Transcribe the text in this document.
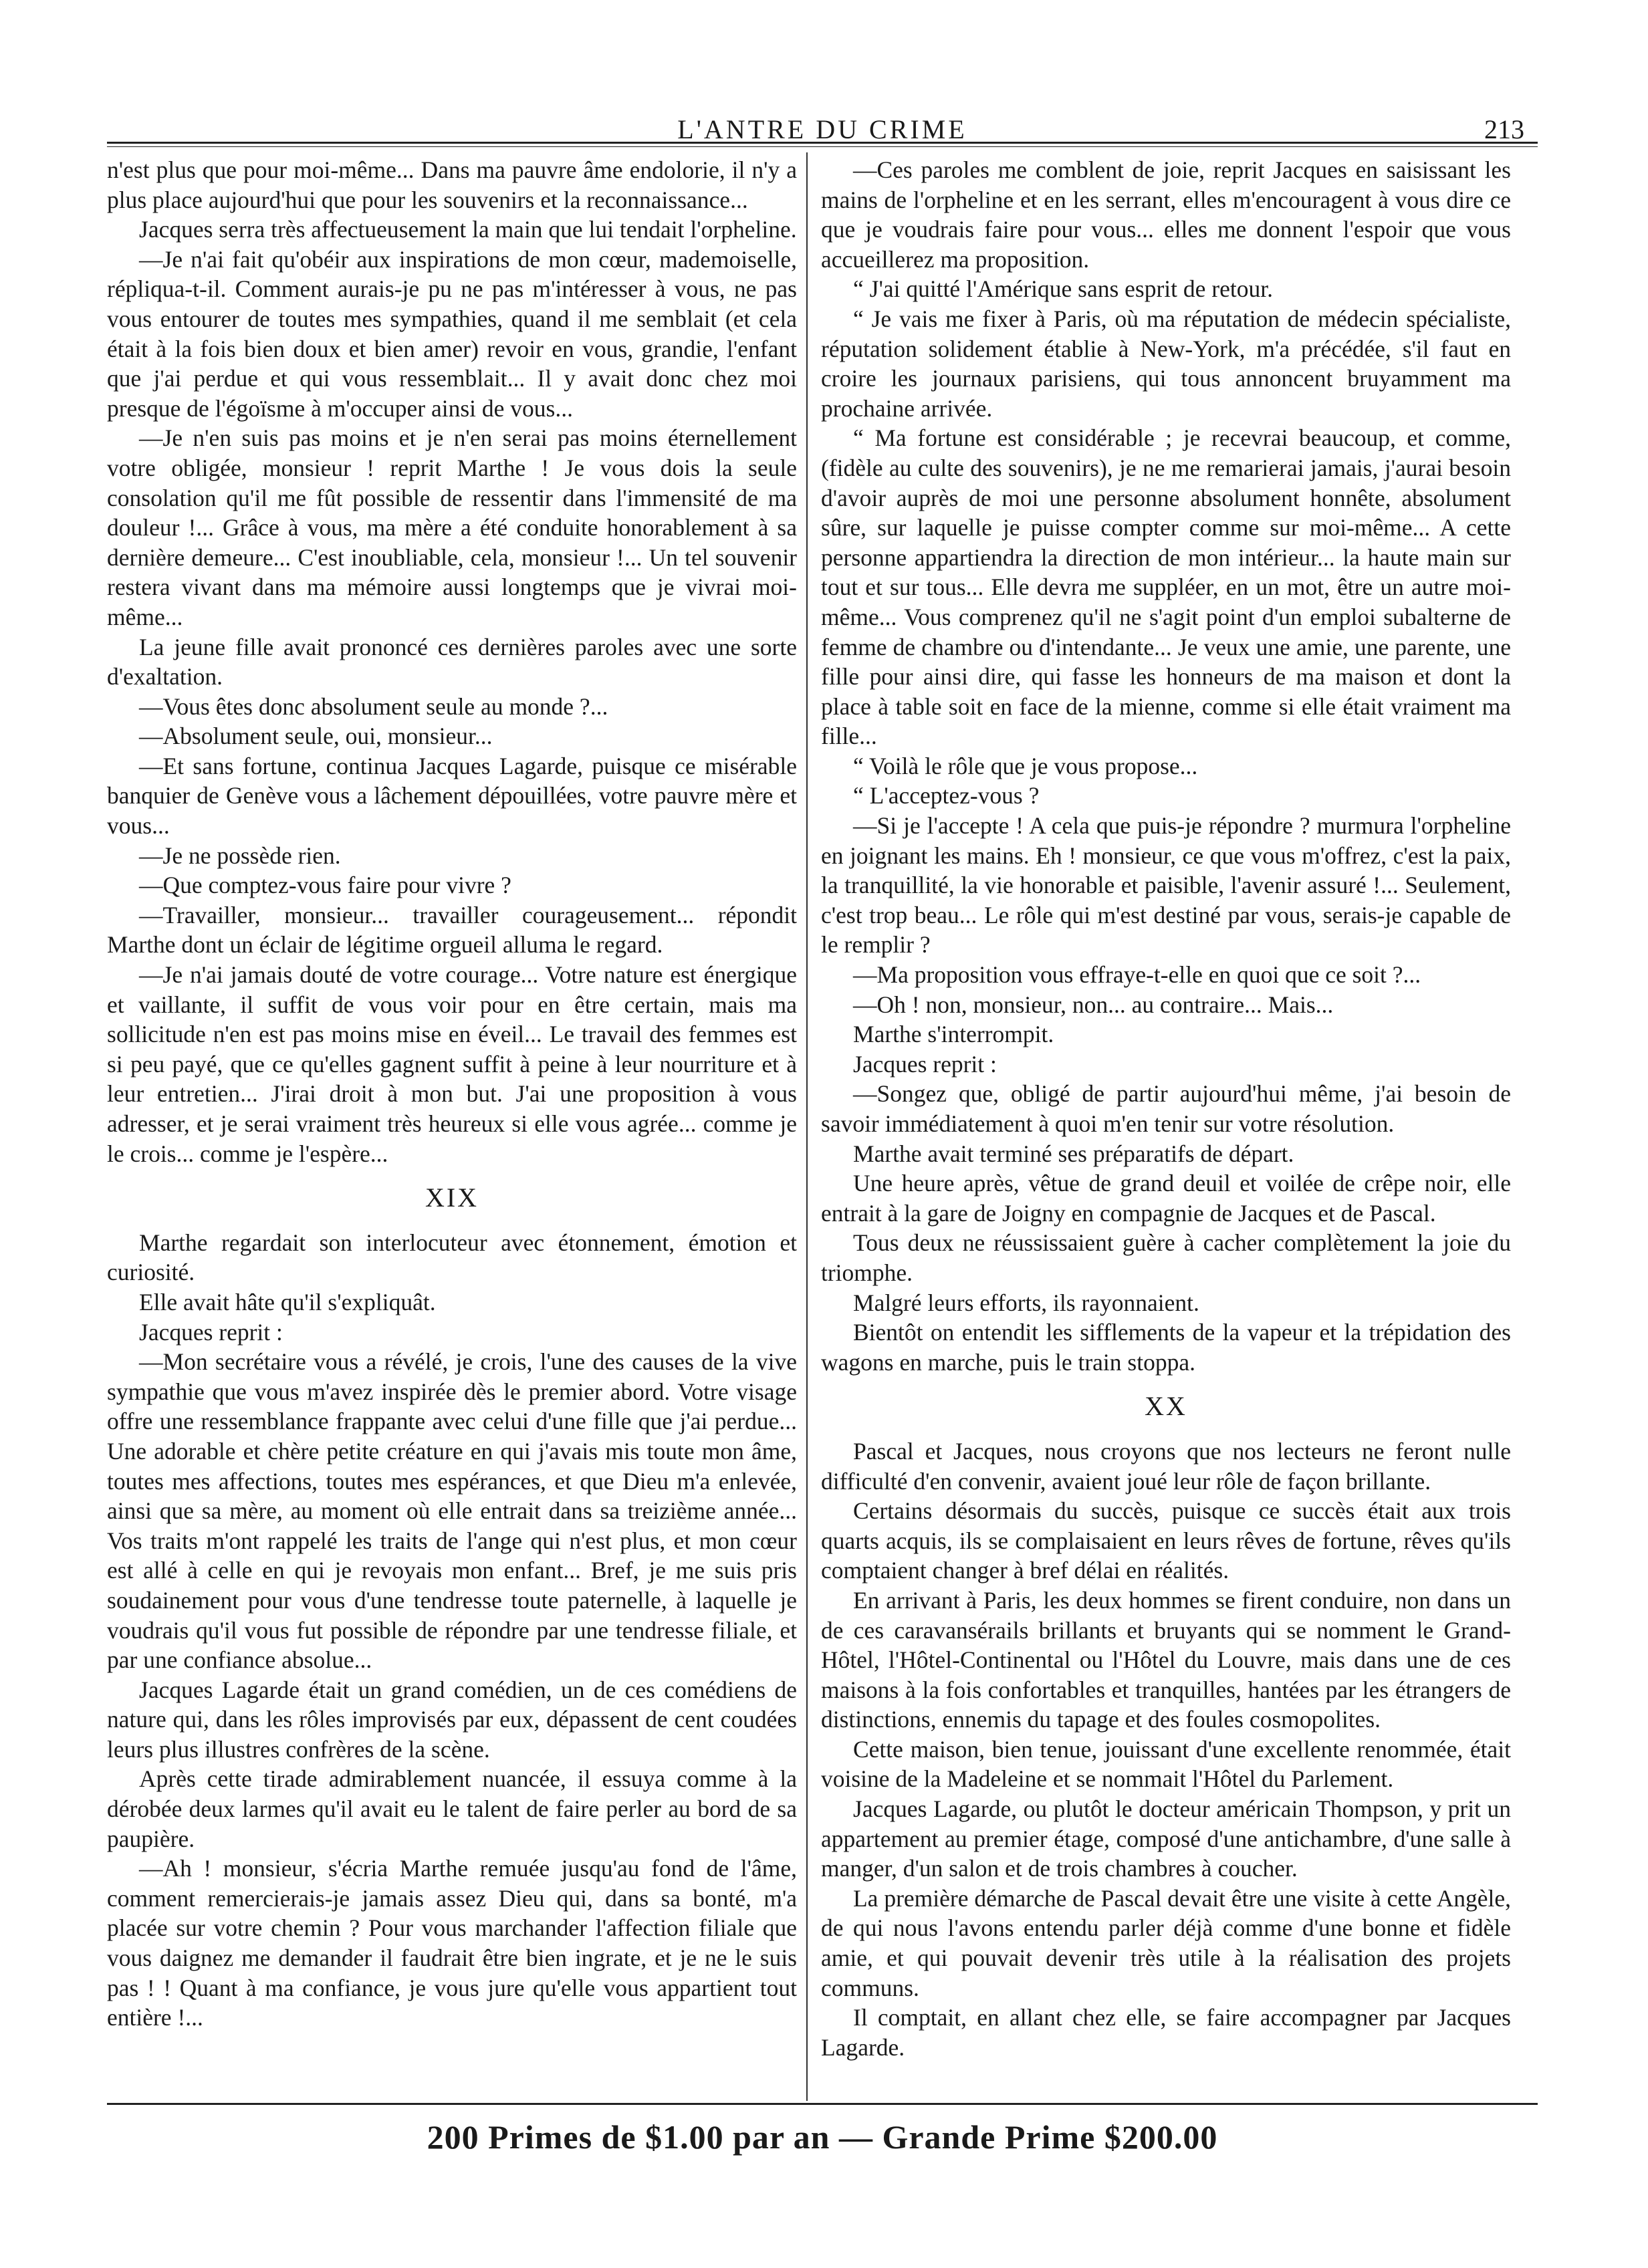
L'ANTRE DU CRIME	213

n'est plus que pour moi-même... Dans ma pauvre âme endolorie, il n'y a plus place aujourd'hui que pour les souvenirs et la reconnaissance...

Jacques serra très affectueusement la main que lui tendait l'orpheline.

—Je n'ai fait qu'obéir aux inspirations de mon cœur, mademoiselle, répliqua-t-il. Comment aurais-je pu ne pas m'intéresser à vous, ne pas vous entourer de toutes mes sympathies, quand il me semblait (et cela était à la fois bien doux et bien amer) revoir en vous, grandie, l'enfant que j'ai perdue et qui vous ressemblait... Il y avait donc chez moi presque de l'égoïsme à m'occuper ainsi de vous...

—Je n'en suis pas moins et je n'en serai pas moins éternellement votre obligée, monsieur ! reprit Marthe ! Je vous dois la seule consolation qu'il me fût possible de ressentir dans l'immensité de ma douleur !... Grâce à vous, ma mère a été conduite honorablement à sa dernière demeure... C'est inoubliable, cela, monsieur !... Un tel souvenir restera vivant dans ma mémoire aussi longtemps que je vivrai moi-même...

La jeune fille avait prononcé ces dernières paroles avec une sorte d'exaltation.

—Vous êtes donc absolument seule au monde ?...

—Absolument seule, oui, monsieur...

—Et sans fortune, continua Jacques Lagarde, puisque ce misérable banquier de Genève vous a lâchement dépouillées, votre pauvre mère et vous...

—Je ne possède rien.

—Que comptez-vous faire pour vivre ?

—Travailler, monsieur... travailler courageusement... répondit Marthe dont un éclair de légitime orgueil alluma le regard.

—Je n'ai jamais douté de votre courage... Votre nature est énergique et vaillante, il suffit de vous voir pour en être certain, mais ma sollicitude n'en est pas moins mise en éveil... Le travail des femmes est si peu payé, que ce qu'elles gagnent suffit à peine à leur nourriture et à leur entretien... J'irai droit à mon but. J'ai une proposition à vous adresser, et je serai vraiment très heureux si elle vous agrée... comme je le crois... comme je l'espère...

XIX

Marthe regardait son interlocuteur avec étonnement, émotion et curiosité.

Elle avait hâte qu'il s'expliquât.

Jacques reprit :

—Mon secrétaire vous a révélé, je crois, l'une des causes de la vive sympathie que vous m'avez inspirée dès le premier abord. Votre visage offre une ressemblance frappante avec celui d'une fille que j'ai perdue... Une adorable et chère petite créature en qui j'avais mis toute mon âme, toutes mes affections, toutes mes espérances, et que Dieu m'a enlevée, ainsi que sa mère, au moment où elle entrait dans sa treizième année... Vos traits m'ont rappelé les traits de l'ange qui n'est plus, et mon cœur est allé à celle en qui je revoyais mon enfant... Bref, je me suis pris soudainement pour vous d'une tendresse toute paternelle, à laquelle je voudrais qu'il vous fut possible de répondre par une tendresse filiale, et par une confiance absolue...

Jacques Lagarde était un grand comédien, un de ces comédiens de nature qui, dans les rôles improvisés par eux, dépassent de cent coudées leurs plus illustres confrères de la scène.

Après cette tirade admirablement nuancée, il essuya comme à la dérobée deux larmes qu'il avait eu le talent de faire perler au bord de sa paupière.

—Ah ! monsieur, s'écria Marthe remuée jusqu'au fond de l'âme, comment remercierais-je jamais assez Dieu qui, dans sa bonté, m'a placée sur votre chemin ? Pour vous marchander l'affection filiale que vous daignez me demander il faudrait être bien ingrate, et je ne le suis pas ! ! Quant à ma confiance, je vous jure qu'elle vous appartient tout entière !...

—Ces paroles me comblent de joie, reprit Jacques en saisissant les mains de l'orpheline et en les serrant, elles m'encouragent à vous dire ce que je voudrais faire pour vous... elles me donnent l'espoir que vous accueillerez ma proposition.

“ J'ai quitté l'Amérique sans esprit de retour.

“ Je vais me fixer à Paris, où ma réputation de médecin spécialiste, réputation solidement établie à New-York, m'a précédée, s'il faut en croire les journaux parisiens, qui tous annoncent bruyamment ma prochaine arrivée.

“ Ma fortune est considérable ; je recevrai beaucoup, et comme, (fidèle au culte des souvenirs), je ne me remarierai jamais, j'aurai besoin d'avoir auprès de moi une personne absolument honnête, absolument sûre, sur laquelle je puisse compter comme sur moi-même... A cette personne appartiendra la direction de mon intérieur... la haute main sur tout et sur tous... Elle devra me suppléer, en un mot, être un autre moi-même... Vous comprenez qu'il ne s'agit point d'un emploi subalterne de femme de chambre ou d'intendante... Je veux une amie, une parente, une fille pour ainsi dire, qui fasse les honneurs de ma maison et dont la place à table soit en face de la mienne, comme si elle était vraiment ma fille...

“ Voilà le rôle que je vous propose...

“ L'acceptez-vous ?

—Si je l'accepte ! A cela que puis-je répondre ? murmura l'orpheline en joignant les mains. Eh ! monsieur, ce que vous m'offrez, c'est la paix, la tranquillité, la vie honorable et paisible, l'avenir assuré !... Seulement, c'est trop beau... Le rôle qui m'est destiné par vous, serais-je capable de le remplir ?

—Ma proposition vous effraye-t-elle en quoi que ce soit ?...

—Oh ! non, monsieur, non... au contraire... Mais...

Marthe s'interrompit.

Jacques reprit :

—Songez que, obligé de partir aujourd'hui même, j'ai besoin de savoir immédiatement à quoi m'en tenir sur votre résolution.

Marthe avait terminé ses préparatifs de départ.

Une heure après, vêtue de grand deuil et voilée de crêpe noir, elle entrait à la gare de Joigny en compagnie de Jacques et de Pascal.

Tous deux ne réussissaient guère à cacher complètement la joie du triomphe.

Malgré leurs efforts, ils rayonnaient.

Bientôt on entendit les sifflements de la vapeur et la trépidation des wagons en marche, puis le train stoppa.

XX

Pascal et Jacques, nous croyons que nos lecteurs ne feront nulle difficulté d'en convenir, avaient joué leur rôle de façon brillante.

Certains désormais du succès, puisque ce succès était aux trois quarts acquis, ils se complaisaient en leurs rêves de fortune, rêves qu'ils comptaient changer à bref délai en réalités.

En arrivant à Paris, les deux hommes se firent conduire, non dans un de ces caravansérails brillants et bruyants qui se nomment le Grand-Hôtel, l'Hôtel-Continental ou l'Hôtel du Louvre, mais dans une de ces maisons à la fois confortables et tranquilles, hantées par les étrangers de distinctions, ennemis du tapage et des foules cosmopolites.

Cette maison, bien tenue, jouissant d'une excellente renommée, était voisine de la Madeleine et se nommait l'Hôtel du Parlement.

Jacques Lagarde, ou plutôt le docteur américain Thompson, y prit un appartement au premier étage, composé d'une antichambre, d'une salle à manger, d'un salon et de trois chambres à coucher.

La première démarche de Pascal devait être une visite à cette Angèle, de qui nous l'avons entendu parler déjà comme d'une bonne et fidèle amie, et qui pouvait devenir très utile à la réalisation des projets communs.

Il comptait, en allant chez elle, se faire accompagner par Jacques Lagarde.

200 Primes de $1.00 par an — Grande Prime $200.00
